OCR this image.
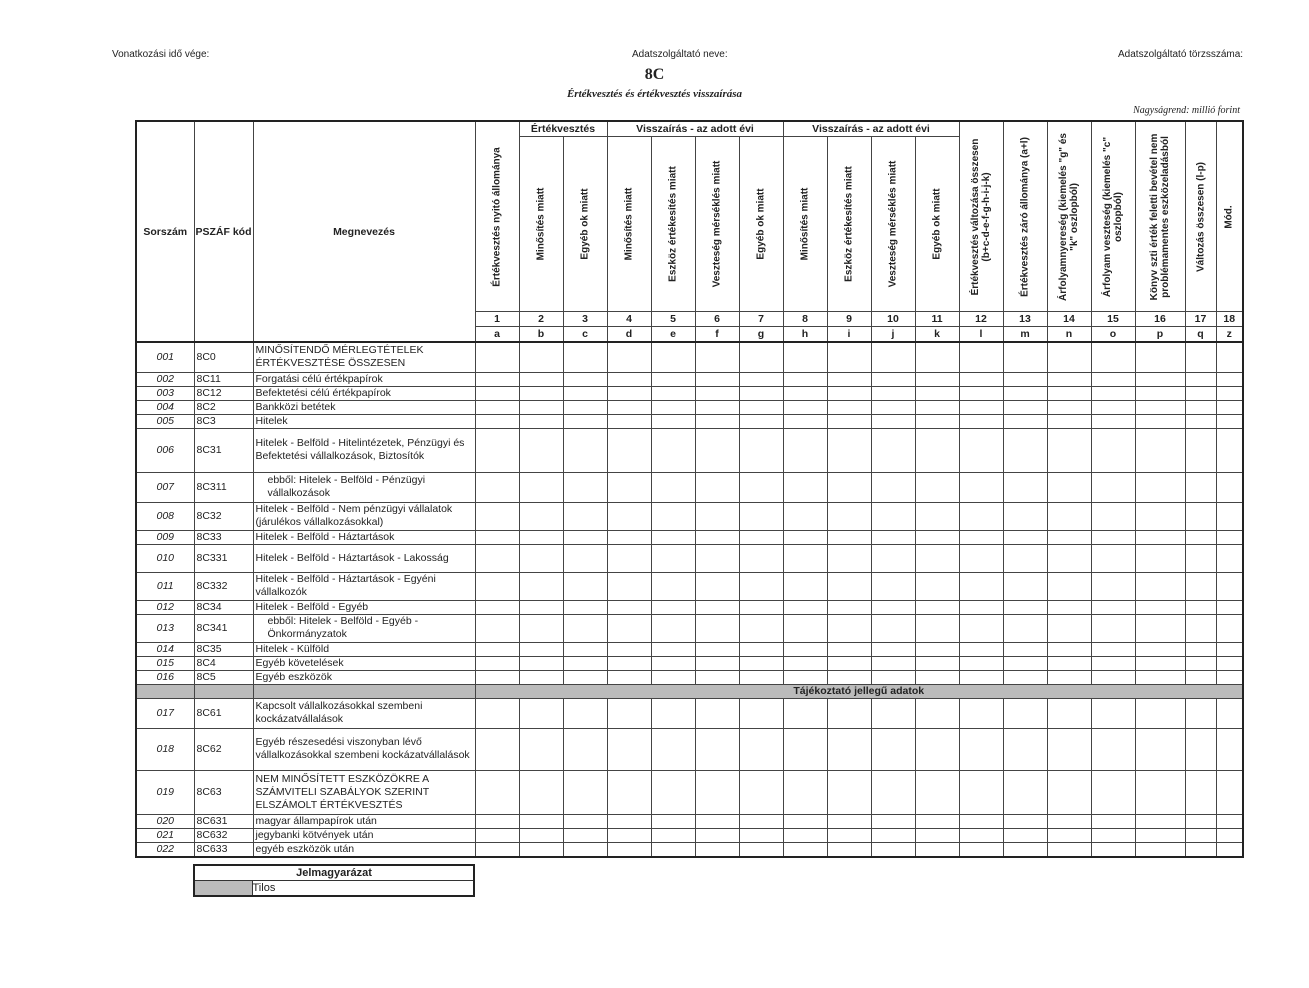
Vonatkozási idő vége:	Adatszolgáltató neve:	Adatszolgáltató törzsszáma:
8C
Értékvesztés és értékvesztés visszaírása
Nagyságrend: millió forint
Sorszám	PSZÁF kód	Megnevezés	Értékvesztés nyitó állománya	Értékvesztés		Visszaírás - az adott évi				Visszaírás - az adott évi				Értékvesztés változása összesen (b+c-d-e-f-g-h-i-j-k)	Értékvesztés záró állománya (a+l)	Árfolyamnyereség (kiemelés "g" és "k" oszlopból)	Árfolyam veszteség (kiemelés "c" oszlopból)	Könyv szti érték feletti bevétel nem problémamentes eszközeladásból	Változás összesen (l-p)	Mód.

				Minősítés miatt	Egyéb ok miatt	Minősítés miatt	Eszköz értékesítés miatt	Veszteség mérséklés miatt	Egyéb ok miatt	Minősítés miatt	Eszköz értékesítés miatt	Veszteség mérséklés miatt	Egyéb ok miatt							

			1	2	3	4	5	6	7	8	9	10	11	12	13	14	15	16	17	18
			a	b	c	d	e	f	g	h	i	j	k	l	m	n	o	p	q	z
001	8C0	MINŐSÍTENDŐ MÉRLEGTÉTELEK ÉRTÉKVESZTÉSE ÖSSZESEN																		
002	8C11	Forgatási célú értékpapírok																		
003	8C12	Befektetési célú értékpapírok																		
004	8C2	Bankközi betétek																		
005	8C3	Hitelek																		
006	8C31	Hitelek - Belföld - Hitelintézetek, Pénzügyi és Befektetési vállalkozások, Biztosítók																		
007	8C311	ebből: Hitelek - Belföld - Pénzügyi vállalkozások																		
008	8C32	Hitelek - Belföld - Nem pénzügyi vállalatok (járulékos vállalkozásokkal)																		
009	8C33	Hitelek - Belföld - Háztartások																		
010	8C331	Hitelek - Belföld - Háztartások - Lakosság																		
011	8C332	Hitelek - Belföld - Háztartások - Egyéni vállalkozók																		
012	8C34	Hitelek - Belföld - Egyéb																		
013	8C341	ebből: Hitelek - Belföld - Egyéb - Önkormányzatok																		
014	8C35	Hitelek - Külföld																		
015	8C4	Egyéb követelések																		
016	8C5	Egyéb eszközök																		
			Tájékoztató jellegű adatok																	
017	8C61	Kapcsolt vállalkozásokkal szembeni kockázatvállalások																		
018	8C62	Egyéb részesedési viszonyban lévő vállalkozásokkal szembeni kockázatvállalások																		
019	8C63	NEM MINŐSÍTETT ESZKÖZÖKRE A SZÁMVITELI SZABÁLYOK SZERINT ELSZÁMOLT ÉRTÉKVESZTÉS																		
020	8C631	magyar állampapírok után																		
021	8C632	jegybanki kötvények után																		
022	8C633	egyéb eszközök után																		
Jelmagyarázat
	Tilos
